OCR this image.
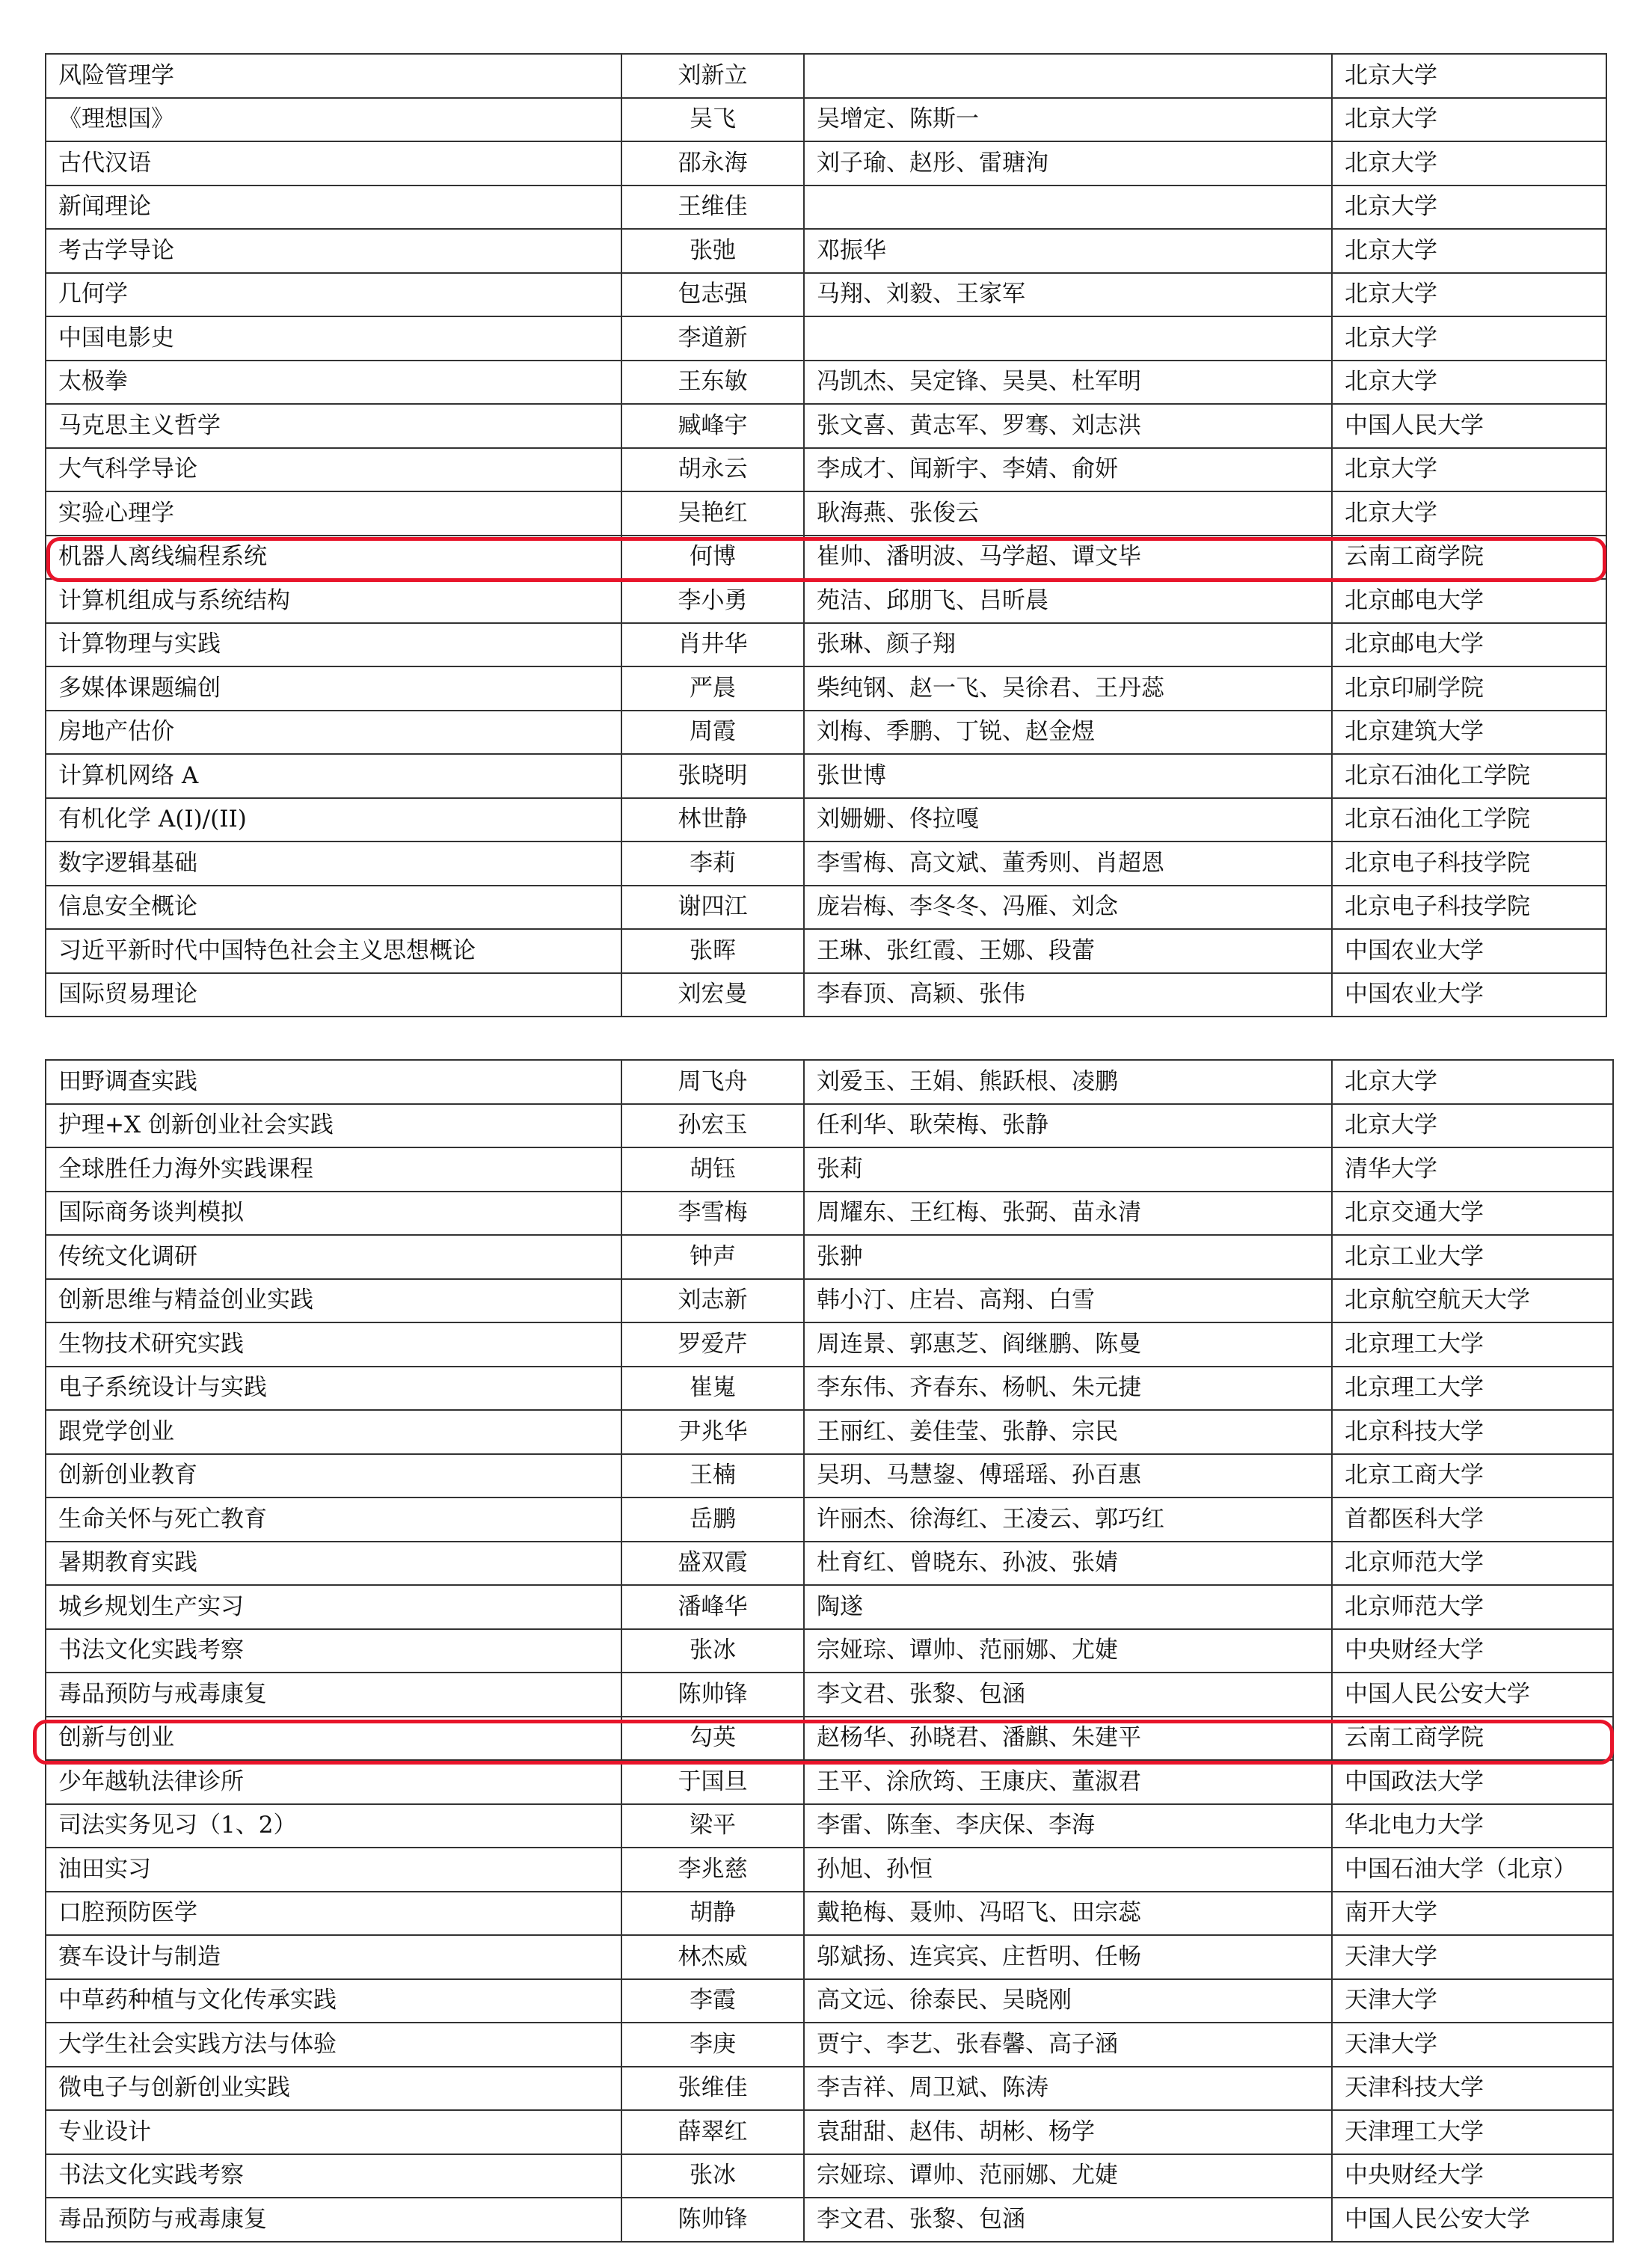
风险管理学	刘新立		北京大学
《理想国》	吴飞	吴增定、陈斯一	北京大学
古代汉语	邵永海	刘子瑜、赵彤、雷瑭洵	北京大学
新闻理论	王维佳		北京大学
考古学导论	张弛	邓振华	北京大学
几何学	包志强	马翔、刘毅、王家军	北京大学
中国电影史	李道新		北京大学
太极拳	王东敏	冯凯杰、吴定锋、吴昊、杜军明	北京大学
马克思主义哲学	臧峰宇	张文喜、黄志军、罗骞、刘志洪	中国人民大学
大气科学导论	胡永云	李成才、闻新宇、李婧、俞妍	北京大学
实验心理学	吴艳红	耿海燕、张俊云	北京大学
机器人离线编程系统	何博	崔帅、潘明波、马学超、谭文毕	云南工商学院
计算机组成与系统结构	李小勇	苑洁、邱朋飞、吕昕晨	北京邮电大学
计算物理与实践	肖井华	张琳、颜子翔	北京邮电大学
多媒体课题编创	严晨	柴纯钢、赵一飞、吴徐君、王丹蕊	北京印刷学院
房地产估价	周霞	刘梅、季鹏、丁锐、赵金煜	北京建筑大学
计算机网络 A	张晓明	张世博	北京石油化工学院
有机化学 A(I)/(II)	林世静	刘姗姗、佟拉嘎	北京石油化工学院
数字逻辑基础	李莉	李雪梅、高文斌、董秀则、肖超恩	北京电子科技学院
信息安全概论	谢四江	庞岩梅、李冬冬、冯雁、刘念	北京电子科技学院
习近平新时代中国特色社会主义思想概论	张晖	王琳、张红霞、王娜、段蕾	中国农业大学
国际贸易理论	刘宏曼	李春顶、高颖、张伟	中国农业大学
田野调查实践	周飞舟	刘爱玉、王娟、熊跃根、凌鹏	北京大学
护理+X 创新创业社会实践	孙宏玉	任利华、耿荣梅、张静	北京大学
全球胜任力海外实践课程	胡钰	张莉	清华大学
国际商务谈判模拟	李雪梅	周耀东、王红梅、张弼、苗永清	北京交通大学
传统文化调研	钟声	张翀	北京工业大学
创新思维与精益创业实践	刘志新	韩小汀、庄岩、高翔、白雪	北京航空航天大学
生物技术研究实践	罗爱芹	周连景、郭惠芝、阎继鹏、陈曼	北京理工大学
电子系统设计与实践	崔嵬	李东伟、齐春东、杨帆、朱元捷	北京理工大学
跟党学创业	尹兆华	王丽红、姜佳莹、张静、宗民	北京科技大学
创新创业教育	王楠	吴玥、马慧鋆、傅瑶瑶、孙百惠	北京工商大学
生命关怀与死亡教育	岳鹏	许丽杰、徐海红、王凌云、郭巧红	首都医科大学
暑期教育实践	盛双霞	杜育红、曾晓东、孙波、张婧	北京师范大学
城乡规划生产实习	潘峰华	陶遂	北京师范大学
书法文化实践考察	张冰	宗娅琮、谭帅、范丽娜、尤婕	中央财经大学
毒品预防与戒毒康复	陈帅锋	李文君、张黎、包涵	中国人民公安大学
创新与创业	勾英	赵杨华、孙晓君、潘麒、朱建平	云南工商学院
少年越轨法律诊所	于国旦	王平、涂欣筠、王康庆、董淑君	中国政法大学
司法实务见习（1、2）	梁平	李雷、陈奎、李庆保、李海	华北电力大学
油田实习	李兆慈	孙旭、孙恒	中国石油大学（北京）
口腔预防医学	胡静	戴艳梅、聂帅、冯昭飞、田宗蕊	南开大学
赛车设计与制造	林杰威	邬斌扬、连宾宾、庄哲明、任畅	天津大学
中草药种植与文化传承实践	李霞	高文远、徐泰民、吴晓刚	天津大学
大学生社会实践方法与体验	李庚	贾宁、李艺、张春馨、高子涵	天津大学
微电子与创新创业实践	张维佳	李吉祥、周卫斌、陈涛	天津科技大学
专业设计	薛翠红	袁甜甜、赵伟、胡彬、杨学	天津理工大学
书法文化实践考察	张冰	宗娅琮、谭帅、范丽娜、尤婕	中央财经大学
毒品预防与戒毒康复	陈帅锋	李文君、张黎、包涵	中国人民公安大学
